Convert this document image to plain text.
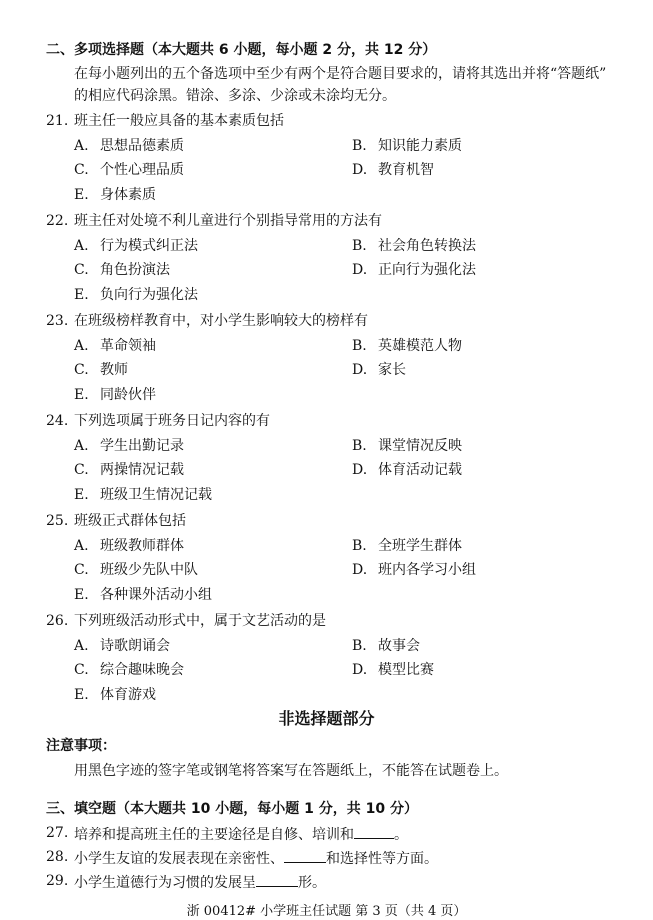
二、多项选择题（本大题共 6 小题，每小题 2 分，共 12 分）
在每小题列出的五个备选项中至少有两个是符合题目要求的，请将其选出并将“答题纸”
的相应代码涂黑。错涂、多涂、少涂或未涂均无分。
21. 班主任一般应具备的基本素质包括
A. 思想品德素质	B. 知识能力素质
C. 个性心理品质	D. 教育机智
E. 身体素质
22. 班主任对处境不利儿童进行个别指导常用的方法有
A. 行为模式纠正法	B. 社会角色转换法
C. 角色扮演法	D. 正向行为强化法
E. 负向行为强化法
23. 在班级榜样教育中，对小学生影响较大的榜样有
A. 革命领袖	B. 英雄模范人物
C. 教师	D. 家长
E. 同龄伙伴
24. 下列选项属于班务日记内容的有
A. 学生出勤记录	B. 课堂情况反映
C. 两操情况记载	D. 体育活动记载
E. 班级卫生情况记载
25. 班级正式群体包括
A. 班级教师群体	B. 全班学生群体
C. 班级少先队中队	D. 班内各学习小组
E. 各种课外活动小组
26. 下列班级活动形式中，属于文艺活动的是
A. 诗歌朗诵会	B. 故事会
C. 综合趣味晚会	D. 模型比赛
E. 体育游戏
非选择题部分
注意事项：
用黑色字迹的签字笔或钢笔将答案写在答题纸上，不能答在试题卷上。
三、填空题（本大题共 10 小题，每小题 1 分，共 10 分）
27. 培养和提高班主任的主要途径是自修、培训和	。
28. 小学生友谊的发展表现在亲密性、	和选择性等方面。
29. 小学生道德行为习惯的发展呈	形。
浙 00412# 小学班主任试题 第 3 页（共 4 页）
